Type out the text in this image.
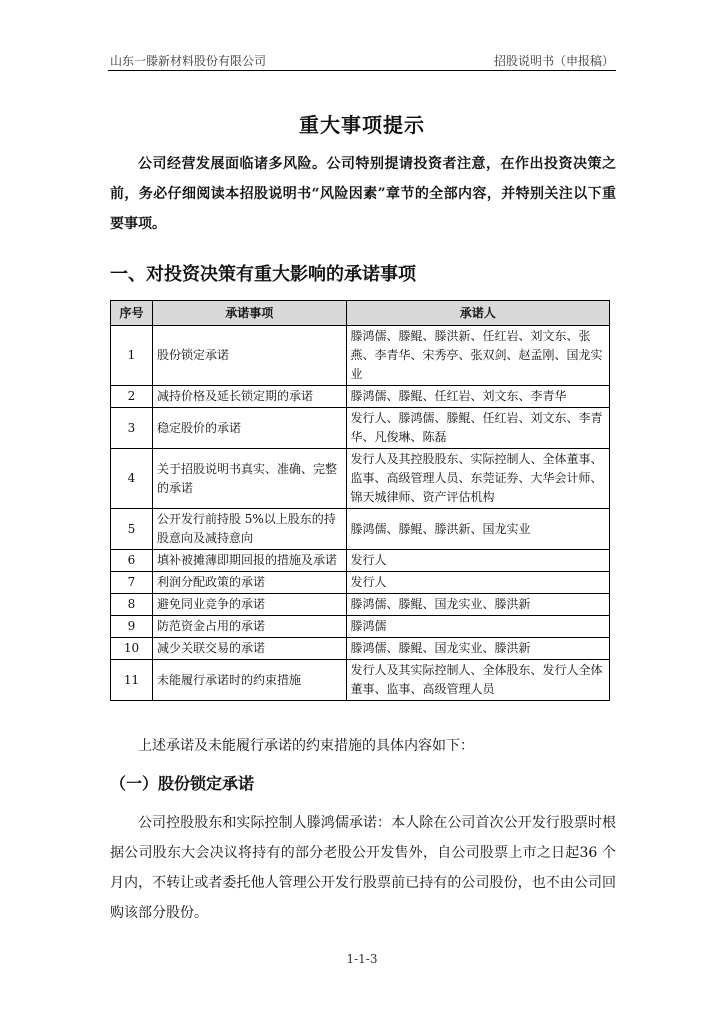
山东一滕新材料股份有限公司	招股说明书（申报稿）
重大事项提示
公司经营发展面临诸多风险。公司特别提请投资者注意，在作出投资决策之前，务必仔细阅读本招股说明书“风险因素”章节的全部内容，并特别关注以下重要事项。
一、对投资决策有重大影响的承诺事项
序号	承诺事项	承诺人
1	股份锁定承诺	滕鸿儒、滕鲲、滕洪新、任红岩、刘文东、张燕、李青华、宋秀亭、张双剑、赵孟刚、国龙实业
2	减持价格及延长锁定期的承诺	滕鸿儒、滕鲲、任红岩、刘文东、李青华
3	稳定股价的承诺	发行人、滕鸿儒、滕鲲、任红岩、刘文东、李青华、凡俊琳、陈磊
4	关于招股说明书真实、准确、完整的承诺	发行人及其控股股东、实际控制人、全体董事、监事、高级管理人员、东莞证券、大华会计师、锦天城律师、资产评估机构
5	公开发行前持股 5%以上股东的持股意向及减持意向	滕鸿儒、滕鲲、滕洪新、国龙实业
6	填补被摊薄即期回报的措施及承诺	发行人
7	利润分配政策的承诺	发行人
8	避免同业竞争的承诺	滕鸿儒、滕鲲、国龙实业、滕洪新
9	防范资金占用的承诺	滕鸿儒
10	减少关联交易的承诺	滕鸿儒、滕鲲、国龙实业、滕洪新
11	未能履行承诺时的约束措施	发行人及其实际控制人、全体股东、发行人全体董事、监事、高级管理人员
上述承诺及未能履行承诺的约束措施的具体内容如下：
（一）股份锁定承诺
公司控股股东和实际控制人滕鸿儒承诺：本人除在公司首次公开发行股票时根据公司股东大会决议将持有的部分老股公开发售外，自公司股票上市之日起36 个月内，不转让或者委托他人管理公开发行股票前已持有的公司股份，也不由公司回购该部分股份。
1-1-3
